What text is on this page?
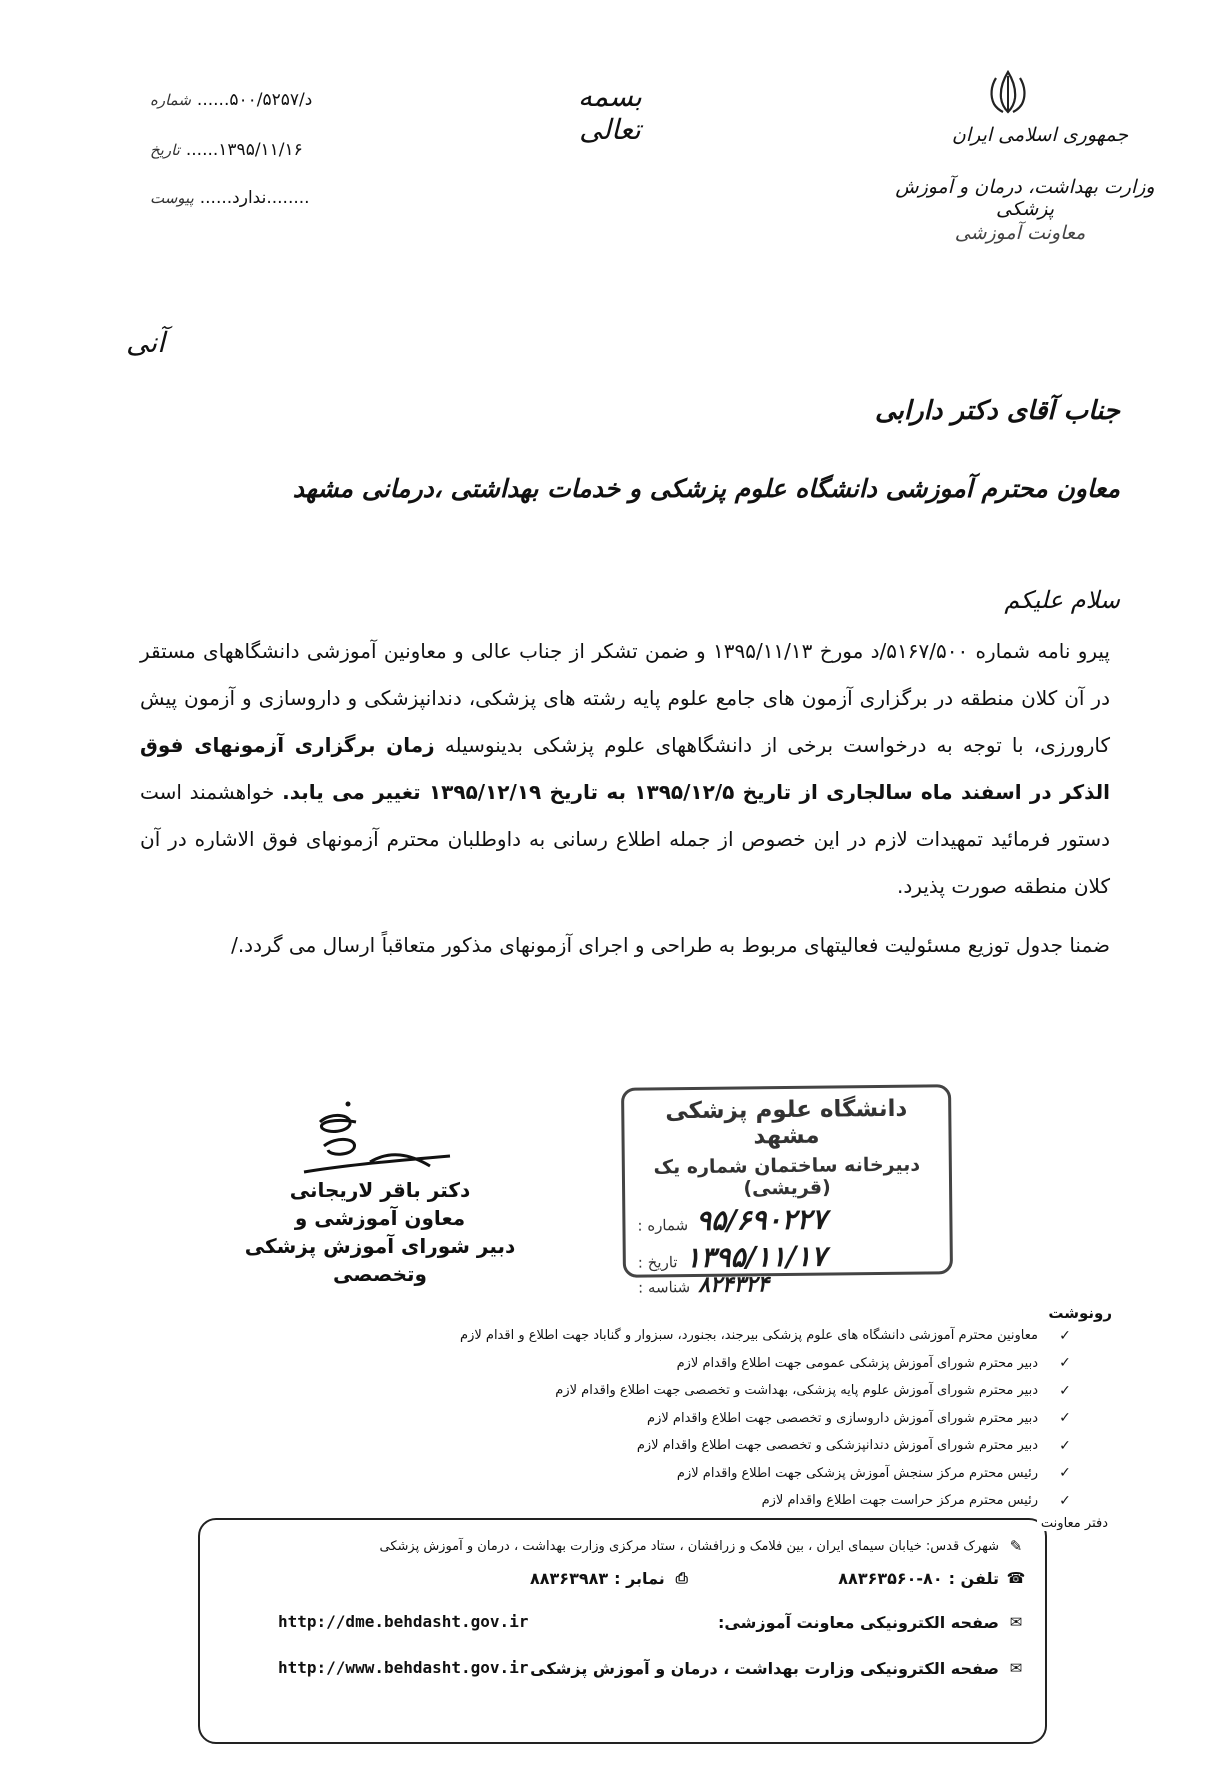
جمهوری اسلامی ایران
وزارت بهداشت، درمان و آموزش پزشکی
معاونت آموزشی
بسمه تعالی
شماره د/۵۰۰/۵۲۵۷......
تاریخ ۱۳۹۵/۱۱/۱۶......
پیوست ........ندارد......
آنی
جناب آقای دکتر دارابی
معاون محترم آموزشی دانشگاه علوم پزشکی و خدمات بهداشتی ،درمانی مشهد
سلام علیکم
پیرو نامه شماره ۵۱۶۷/۵۰۰/د مورخ ۱۳۹۵/۱۱/۱۳ و ضمن تشکر از جناب عالی و معاونین آموزشی دانشگاههای مستقر در آن کلان منطقه در برگزاری آزمون های جامع علوم پایه رشته های پزشکی، دندانپزشکی و داروسازی و آزمون پیش کارورزی، با توجه به درخواست برخی از دانشگاههای علوم پزشکی بدینوسیله زمان برگزاری آزمونهای فوق الذکر در اسفند ماه سالجاری از تاریخ ۱۳۹۵/۱۲/۵ به تاریخ ۱۳۹۵/۱۲/۱۹ تغییر می یابد. خواهشمند است دستور فرمائید تمهیدات لازم در این خصوص از جمله اطلاع رسانی به داوطلبان محترم آزمونهای فوق الاشاره در آن کلان منطقه صورت پذیرد.
ضمنا جدول توزیع مسئولیت فعالیتهای مربوط به طراحی و اجرای آزمونهای مذکور متعاقباً ارسال می گردد./
دکتر باقر لاریجانی
معاون آموزشی و
دبیر شورای آموزش پزشکی وتخصصی
دانشگاه علوم پزشکی مشهد
دبیرخانه ساختمان شماره یک (قریشی)
شماره : ۹۵/۶۹۰۲۲۷
تاریخ : ۱۳۹۵/۱۱/۱۷
شناسه : ۸۲۴۳۲۴
رونوشت
✓
معاونین محترم آموزشی دانشگاه های علوم پزشکی بیرجند، بجنورد، سبزوار و گناباد جهت اطلاع و اقدام لازم
✓
دبیر محترم شورای آموزش پزشکی عمومی جهت اطلاع واقدام لازم
✓
دبیر محترم شورای آموزش علوم پایه پزشکی، بهداشت و تخصصی جهت اطلاع واقدام لازم
✓
دبیر محترم شورای آموزش داروسازی و تخصصی جهت اطلاع واقدام لازم
✓
دبیر محترم شورای آموزش دندانپزشکی و تخصصی جهت اطلاع واقدام لازم
✓
رئیس محترم مرکز سنجش آموزش پزشکی جهت اطلاع واقدام لازم
✓
رئیس محترم مرکز حراست جهت اطلاع واقدام لازم
✎
شهرک قدس: خیابان سیمای ایران ، بین فلامک و زرافشان ، ستاد مرکزی وزارت بهداشت ، درمان و آموزش پزشکی
☎
تلفن :
۸۸۳۶۳۵۶۰-۸۰
⎙
نمابر :
۸۸۳۶۳۹۸۳
✉
صفحه الکترونیکی معاونت آموزشی:
http://dme.behdasht.gov.ir
✉
صفحه الکترونیکی وزارت بهداشت ، درمان و آموزش پزشکی
http://www.behdasht.gov.ir
دفتر معاونت
